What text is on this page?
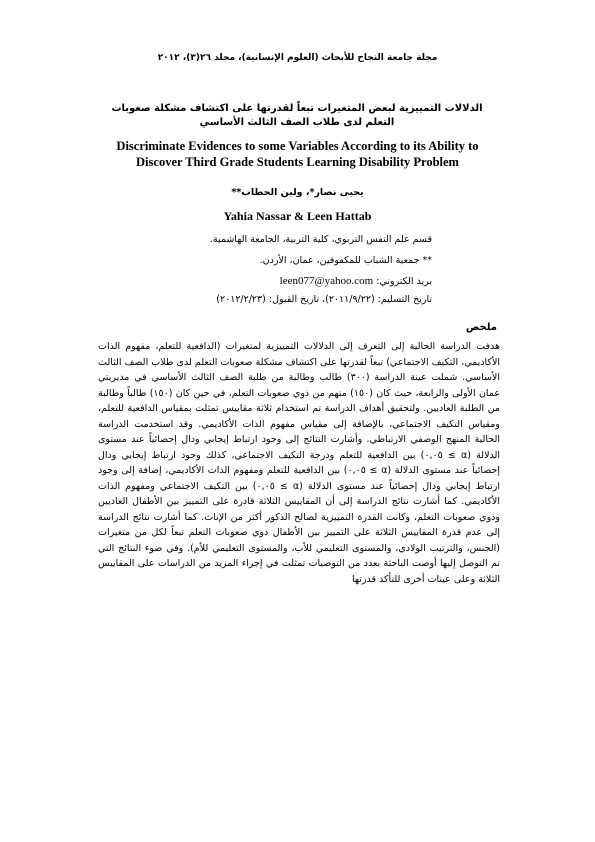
مجلة جامعة النجاح للأبحاث (العلوم الإنسانية)، مجلد ٢٦(٣)، ٢٠١٢
الدلالات التمييزية لبعض المتغيرات تبعاً لقدرتها على اكتشاف مشكلة صعوبات التعلم لدى طلاب الصف الثالث الأساسي
Discriminate Evidences to some Variables According to its Ability to
Discover Third Grade Students Learning Disability Problem
يحيى نصار*، ولين الحطاب**
Yahia Nassar & Leen Hattab
قسم علم النفس التربوي، كلية التربية، الجامعة الهاشمية.
** جمعية الشباب للمكفوفين، عمان، الأردن.
بريد الكتروني: leen077@yahoo.com
تاريخ التسليم: (٢٠١١/٩/٢٢)، تاريخ القبول: (٢٠١٢/٢/٢٣)
ملخص
هدفت الدراسة الحالية إلى التعرف إلى الدلالات التمييزية لمتغيرات (الدافعية للتعلم، مفهوم الذات الأكاديمي، التكيف الاجتماعي) تبعاً لقدرتها على اكتشاف مشكلة صعوبات التعلم لدى طلاب الصف الثالث الأساسي. شملت عينة الدراسة (٣٠٠) طالب وطالبة من طلبة الصف الثالث الأساسي في مديريتي عمان الأولى والرابعة، حيث كان (١٥٠) منهم من ذوي صعوبات التعلم، في حين كان (١٥٠) طالباً وطالبة من الطلبة العاديين. ولتحقيق أهداف الدراسة تم استخدام ثلاثة مقاييس تمثلت بمقياس الدافعية للتعلم، ومقياس التكيف الاجتماعي، بالإضافة إلى مقياس مفهوم الذات الأكاديمي. وقد استخدمت الدراسة الحالية المنهج الوصفي الارتباطي. وأشارت النتائج إلى وجود ارتباط إيجابي ودال إحصائياً عند مستوى الدلالة (α ≥ ٠,٠٥) بين الدافعية للتعلم ودرجة التكيف الاجتماعي، كذلك وجود ارتباط إيجابي ودال إحصائياً عند مستوى الدلالة (α ≥ ٠,٠٥) بين الدافعية للتعلم ومفهوم الذات الأكاديمي، إضافة إلى وجود ارتباط إيجابي ودال إحصائياً عند مستوى الدلالة (α ≥ ٠,٠٥) بين التكيف الاجتماعي ومفهوم الذات الأكاديمي. كما أشارت نتائج الدراسة إلى أن المقاييس الثلاثة قادرة على التمييز بين الأطفال العاديين وذوي صعوبات التعلم، وكانت القدرة التمييزية لصالح الذكور أكثر من الإناث. كما أشارت نتائج الدراسة إلى عدم قدرة المقاييس الثلاثة على التمييز بين الأطفال ذوي صعوبات التعلم تبعاً لكل من متغيرات (الجنس، والترتيب الولادي، والمستوى التعليمي للأب، والمستوى التعليمي للأم). وفي ضوء النتائج التي تم التوصل إليها أوصت الباحثة بعدد من التوصيات تمثلت في إجراء المزيد من الدراسات على المقاييس الثلاثة وعلى عينات أخرى للتأكد قدرتها
